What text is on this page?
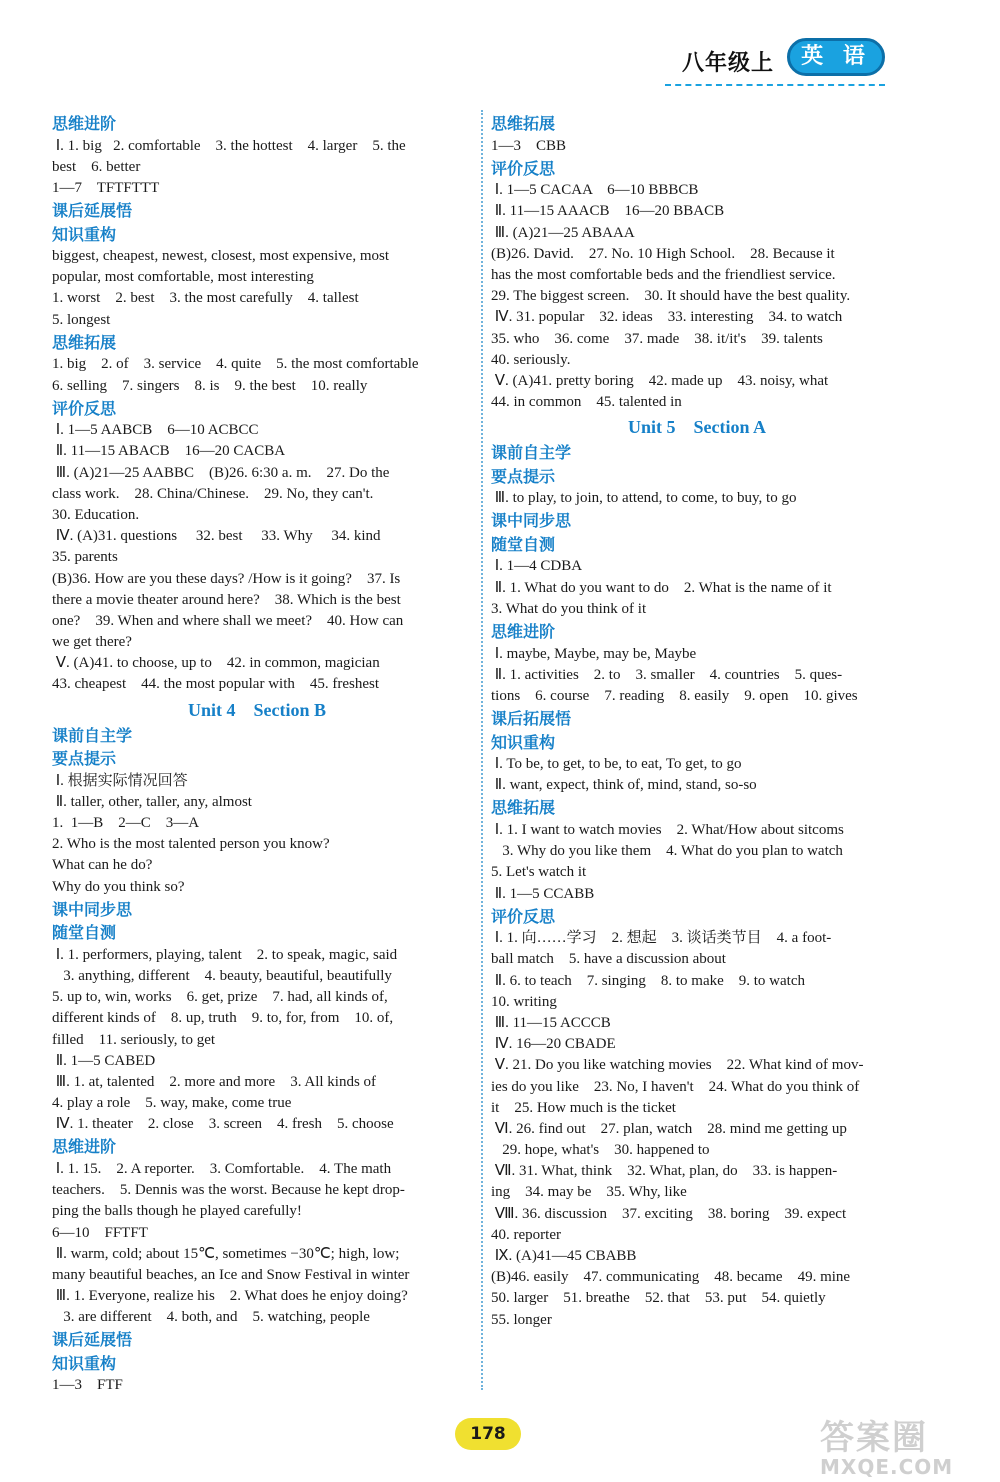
八年级上	英 语
思维进阶
Ⅰ. 1. big   2. comfortable    3. the hottest    4. larger    5. the
best    6. better
1—7    TFTFTTT
课后延展悟
知识重构
biggest, cheapest, newest, closest, most expensive, most
popular, most comfortable, most interesting
1. worst    2. best    3. the most carefully    4. tallest
5. longest
思维拓展
1. big    2. of    3. service    4. quite    5. the most comfortable
6. selling    7. singers    8. is    9. the best    10. really
评价反思
Ⅰ. 1—5 AABCB    6—10 ACBCC
Ⅱ. 11—15 ABACB    16—20 CACBA
Ⅲ. (A)21—25 AABBC    (B)26. 6:30 a. m.    27. Do the
class work.    28. China/Chinese.    29. No, they can't.
30. Education.
Ⅳ. (A)31. questions     32. best     33. Why     34. kind
35. parents
(B)36. How are you these days? /How is it going?    37. Is
there a movie theater around here?    38. Which is the best
one?    39. When and where shall we meet?    40. How can
we get there?
Ⅴ. (A)41. to choose, up to    42. in common, magician
43. cheapest    44. the most popular with    45. freshest
Unit 4    Section B
课前自主学
要点提示
Ⅰ. 根据实际情况回答
Ⅱ. taller, other, taller, any, almost
1.  1—B    2—C    3—A
2. Who is the most talented person you know?
What can he do?
Why do you think so?
课中同步思
随堂自测
Ⅰ. 1. performers, playing, talent    2. to speak, magic, said
3. anything, different    4. beauty, beautiful, beautifully
5. up to, win, works    6. get, prize    7. had, all kinds of,
different kinds of    8. up, truth    9. to, for, from    10. of,
filled    11. seriously, to get
Ⅱ. 1—5 CABED
Ⅲ. 1. at, talented    2. more and more    3. All kinds of
4. play a role    5. way, make, come true
Ⅳ. 1. theater    2. close    3. screen    4. fresh    5. choose
思维进阶
Ⅰ. 1. 15.    2. A reporter.    3. Comfortable.    4. The math
teachers.    5. Dennis was the worst. Because he kept drop-
ping the balls though he played carefully!
6—10    FFTFT
Ⅱ. warm, cold; about 15℃, sometimes −30℃; high, low;
many beautiful beaches, an Ice and Snow Festival in winter
Ⅲ. 1. Everyone, realize his    2. What does he enjoy doing?
3. are different    4. both, and    5. watching, people
课后延展悟
知识重构
1—3    FTF
思维拓展
1—3    CBB
评价反思
Ⅰ. 1—5 CACAA    6—10 BBBCB
Ⅱ. 11—15 AAACB    16—20 BBACB
Ⅲ. (A)21—25 ABAAA
(B)26. David.    27. No. 10 High School.    28. Because it
has the most comfortable beds and the friendliest service.
29. The biggest screen.    30. It should have the best quality.
Ⅳ. 31. popular    32. ideas    33. interesting    34. to watch
35. who    36. come    37. made    38. it/it's    39. talents
40. seriously.
Ⅴ. (A)41. pretty boring    42. made up    43. noisy, what
44. in common    45. talented in
Unit 5    Section A
课前自主学
要点提示
Ⅲ. to play, to join, to attend, to come, to buy, to go
课中同步思
随堂自测
Ⅰ. 1—4 CDBA
Ⅱ. 1. What do you want to do    2. What is the name of it
3. What do you think of it
思维进阶
Ⅰ. maybe, Maybe, may be, Maybe
Ⅱ. 1. activities    2. to    3. smaller    4. countries    5. ques-
tions    6. course    7. reading    8. easily    9. open    10. gives
课后拓展悟
知识重构
Ⅰ. To be, to get, to be, to eat, To get, to go
Ⅱ. want, expect, think of, mind, stand, so-so
思维拓展
Ⅰ. 1. I want to watch movies    2. What/How about sitcoms
3. Why do you like them    4. What do you plan to watch
5. Let's watch it
Ⅱ. 1—5 CCABB
评价反思
Ⅰ. 1. 向……学习    2. 想起    3. 谈话类节目    4. a foot-
ball match    5. have a discussion about
Ⅱ. 6. to teach    7. singing    8. to make    9. to watch
10. writing
Ⅲ. 11—15 ACCCB
Ⅳ. 16—20 CBADE
Ⅴ. 21. Do you like watching movies    22. What kind of mov-
ies do you like    23. No, I haven't    24. What do you think of
it    25. How much is the ticket
Ⅵ. 26. find out    27. plan, watch    28. mind me getting up
29. hope, what's    30. happened to
Ⅶ. 31. What, think    32. What, plan, do    33. is happen-
ing    34. may be    35. Why, like
Ⅷ. 36. discussion    37. exciting    38. boring    39. expect
40. reporter
Ⅸ. (A)41—45 CBABB
(B)46. easily    47. communicating    48. became    49. mine
50. larger    51. breathe    52. that    53. put    54. quietly
55. longer
178	答案圈
MXQE.COM
